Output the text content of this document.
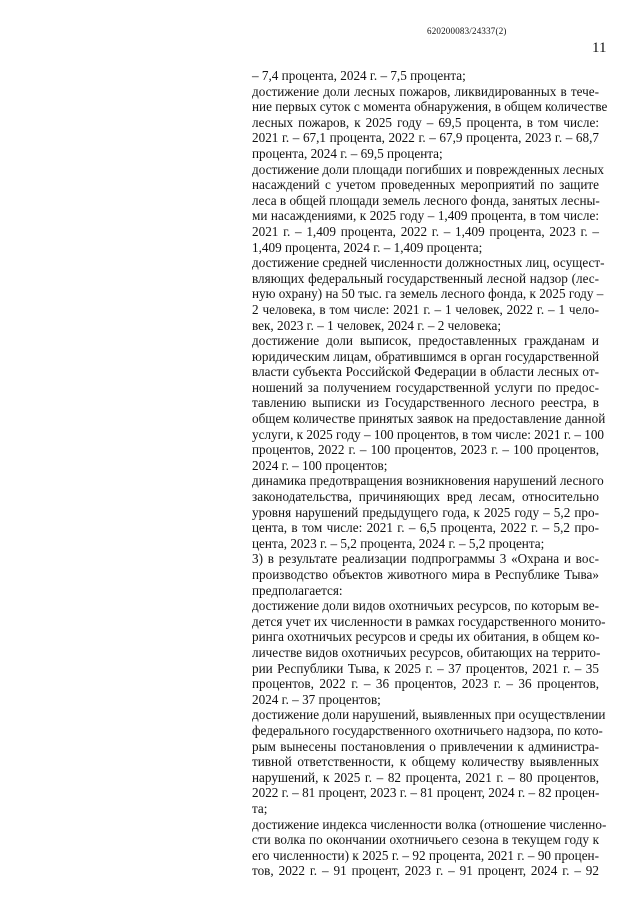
620200083/24337(2)
11
– 7,4 процента, 2024 г. – 7,5 процента;
достижение доли лесных пожаров, ликвидированных в тече-
ние первых суток с момента обнаружения, в общем количестве
лесных пожаров, к 2025 году – 69,5 процента, в том числе:
2021 г. – 67,1 процента, 2022 г. – 67,9 процента, 2023 г. – 68,7
процента, 2024 г. – 69,5 процента;
достижение доли площади погибших и поврежденных лесных
насаждений с учетом проведенных мероприятий по защите
леса в общей площади земель лесного фонда, занятых лесны-
ми насаждениями, к 2025 году – 1,409 процента, в том числе:
2021 г. – 1,409 процента, 2022 г. – 1,409 процента, 2023 г. –
1,409 процента, 2024 г. – 1,409 процента;
достижение средней численности должностных лиц, осущест-
вляющих федеральный государственный лесной надзор (лес-
ную охрану) на 50 тыс. га земель лесного фонда, к 2025 году –
2 человека, в том числе: 2021 г. – 1 человек, 2022 г. – 1 чело-
век, 2023 г. – 1 человек, 2024 г. – 2 человека;
достижение доли выписок, предоставленных гражданам и
юридическим лицам, обратившимся в орган государственной
власти субъекта Российской Федерации в области лесных от-
ношений за получением государственной услуги по предос-
тавлению выписки из Государственного лесного реестра, в
общем количестве принятых заявок на предоставление данной
услуги, к 2025 году – 100 процентов, в том числе: 2021 г. – 100
процентов, 2022 г. – 100 процентов, 2023 г. – 100 процентов,
2024 г. – 100 процентов;
динамика предотвращения возникновения нарушений лесного
законодательства, причиняющих вред лесам, относительно
уровня нарушений предыдущего года, к 2025 году – 5,2 про-
цента, в том числе: 2021 г. – 6,5 процента, 2022 г. – 5,2 про-
цента, 2023 г. – 5,2 процента, 2024 г. – 5,2 процента;
3) в результате реализации подпрограммы 3 «Охрана и вос-
производство объектов животного мира в Республике Тыва»
предполагается:
достижение доли видов охотничьих ресурсов, по которым ве-
дется учет их численности в рамках государственного монито-
ринга охотничьих ресурсов и среды их обитания, в общем ко-
личестве видов охотничьих ресурсов, обитающих на террито-
рии Республики Тыва, к 2025 г. – 37 процентов, 2021 г. – 35
процентов, 2022 г. – 36 процентов, 2023 г. – 36 процентов,
2024 г. – 37 процентов;
достижение доли нарушений, выявленных при осуществлении
федерального государственного охотничьего надзора, по кото-
рым вынесены постановления о привлечении к администра-
тивной ответственности, к общему количеству выявленных
нарушений, к 2025 г. – 82 процента, 2021 г. – 80 процентов,
2022 г. – 81 процент, 2023 г. – 81 процент, 2024 г. – 82 процен-
та;
достижение индекса численности волка (отношение численно-
сти волка по окончании охотничьего сезона в текущем году к
его численности) к 2025 г. – 92 процента, 2021 г. – 90 процен-
тов, 2022 г. – 91 процент, 2023 г. – 91 процент, 2024 г. – 92
